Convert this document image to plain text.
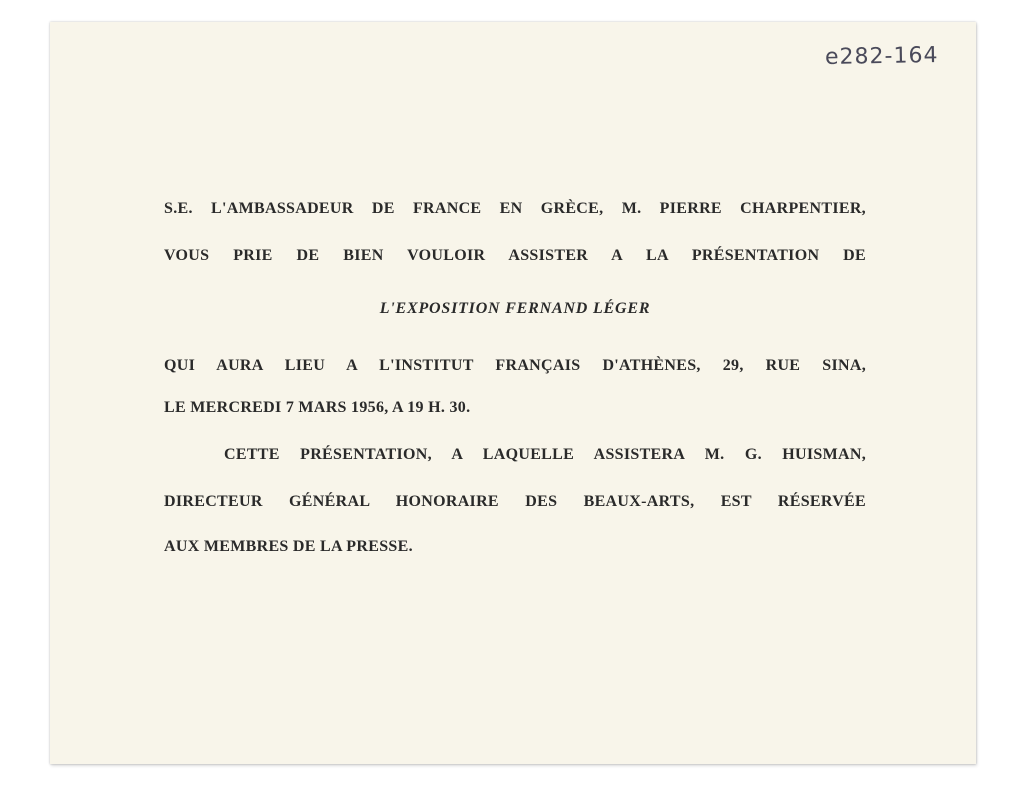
e282-164
S.E. L'AMBASSADEUR DE FRANCE EN GRÈCE, M. PIERRE CHARPENTIER,
VOUS PRIE DE BIEN VOULOIR ASSISTER A LA PRÉSENTATION DE
L'EXPOSITION FERNAND LÉGER
QUI AURA LIEU A L'INSTITUT FRANÇAIS D'ATHÈNES, 29, RUE SINA,
LE MERCREDI 7 MARS 1956, A 19 H. 30.
CETTE PRÉSENTATION, A LAQUELLE ASSISTERA M. G. HUISMAN,
DIRECTEUR GÉNÉRAL HONORAIRE DES BEAUX-ARTS, EST RÉSERVÉE
AUX MEMBRES DE LA PRESSE.
